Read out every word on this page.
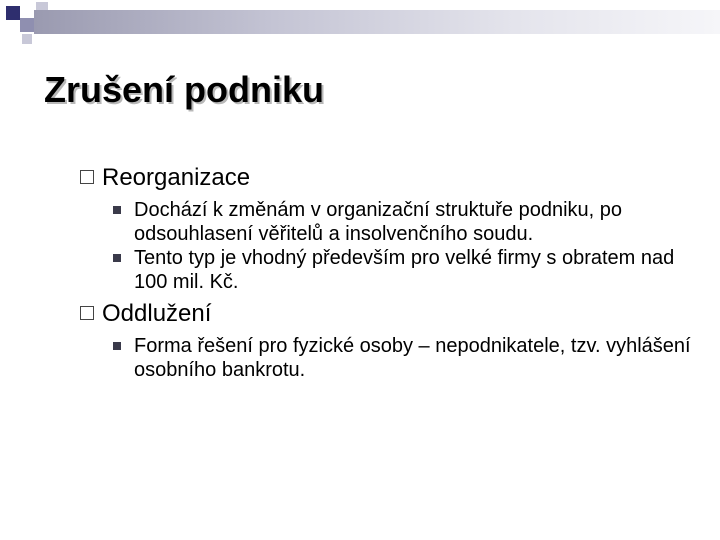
Zrušení podniku
Reorganizace
Dochází k změnám v organizační struktuře podniku, po odsouhlasení věřitelů a insolvenčního soudu.
Tento typ je vhodný především pro velké firmy s obratem nad 100 mil. Kč.
Oddlužení
Forma řešení pro fyzické osoby – nepodnikatele, tzv. vyhlášení osobního bankrotu.
